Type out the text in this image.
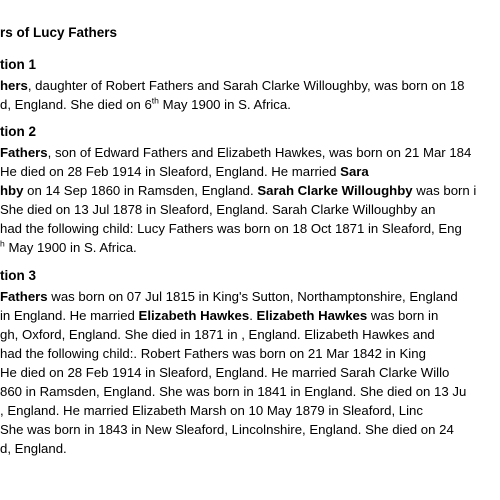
rs of Lucy Fathers
tion 1
hers, daughter of Robert Fathers and Sarah Clarke Willoughby, was born on 18
d, England. She died on 6th May 1900 in S. Africa.
tion 2
Fathers, son of Edward Fathers and Elizabeth Hawkes, was born on 21 Mar 184
He died on 28 Feb 1914 in Sleaford, England. He married Sara
hby on 14 Sep 1860 in Ramsden, England. Sarah Clarke Willoughby was born i
She died on 13 Jul 1878 in Sleaford, England. Sarah Clarke Willoughby an
had the following child: Lucy Fathers was born on 18 Oct 1871 in Sleaford, Eng
$^h$ May 1900 in S. Africa.
tion 3
Fathers was born on 07 Jul 1815 in King's Sutton, Northamptonshire, England
in England. He married Elizabeth Hawkes. Elizabeth Hawkes was born in
gh, Oxford, England. She died in 1871 in , England. Elizabeth Hawkes and
had the following child:. Robert Fathers was born on 21 Mar 1842 in King
He died on 28 Feb 1914 in Sleaford, England. He married Sarah Clarke Willo
860 in Ramsden, England. She was born in 1841 in England. She died on 13 Ju
, England. He married Elizabeth Marsh on 10 May 1879 in Sleaford, Linc
She was born in 1843 in New Sleaford, Lincolnshire, England. She died on 24
d, England.
